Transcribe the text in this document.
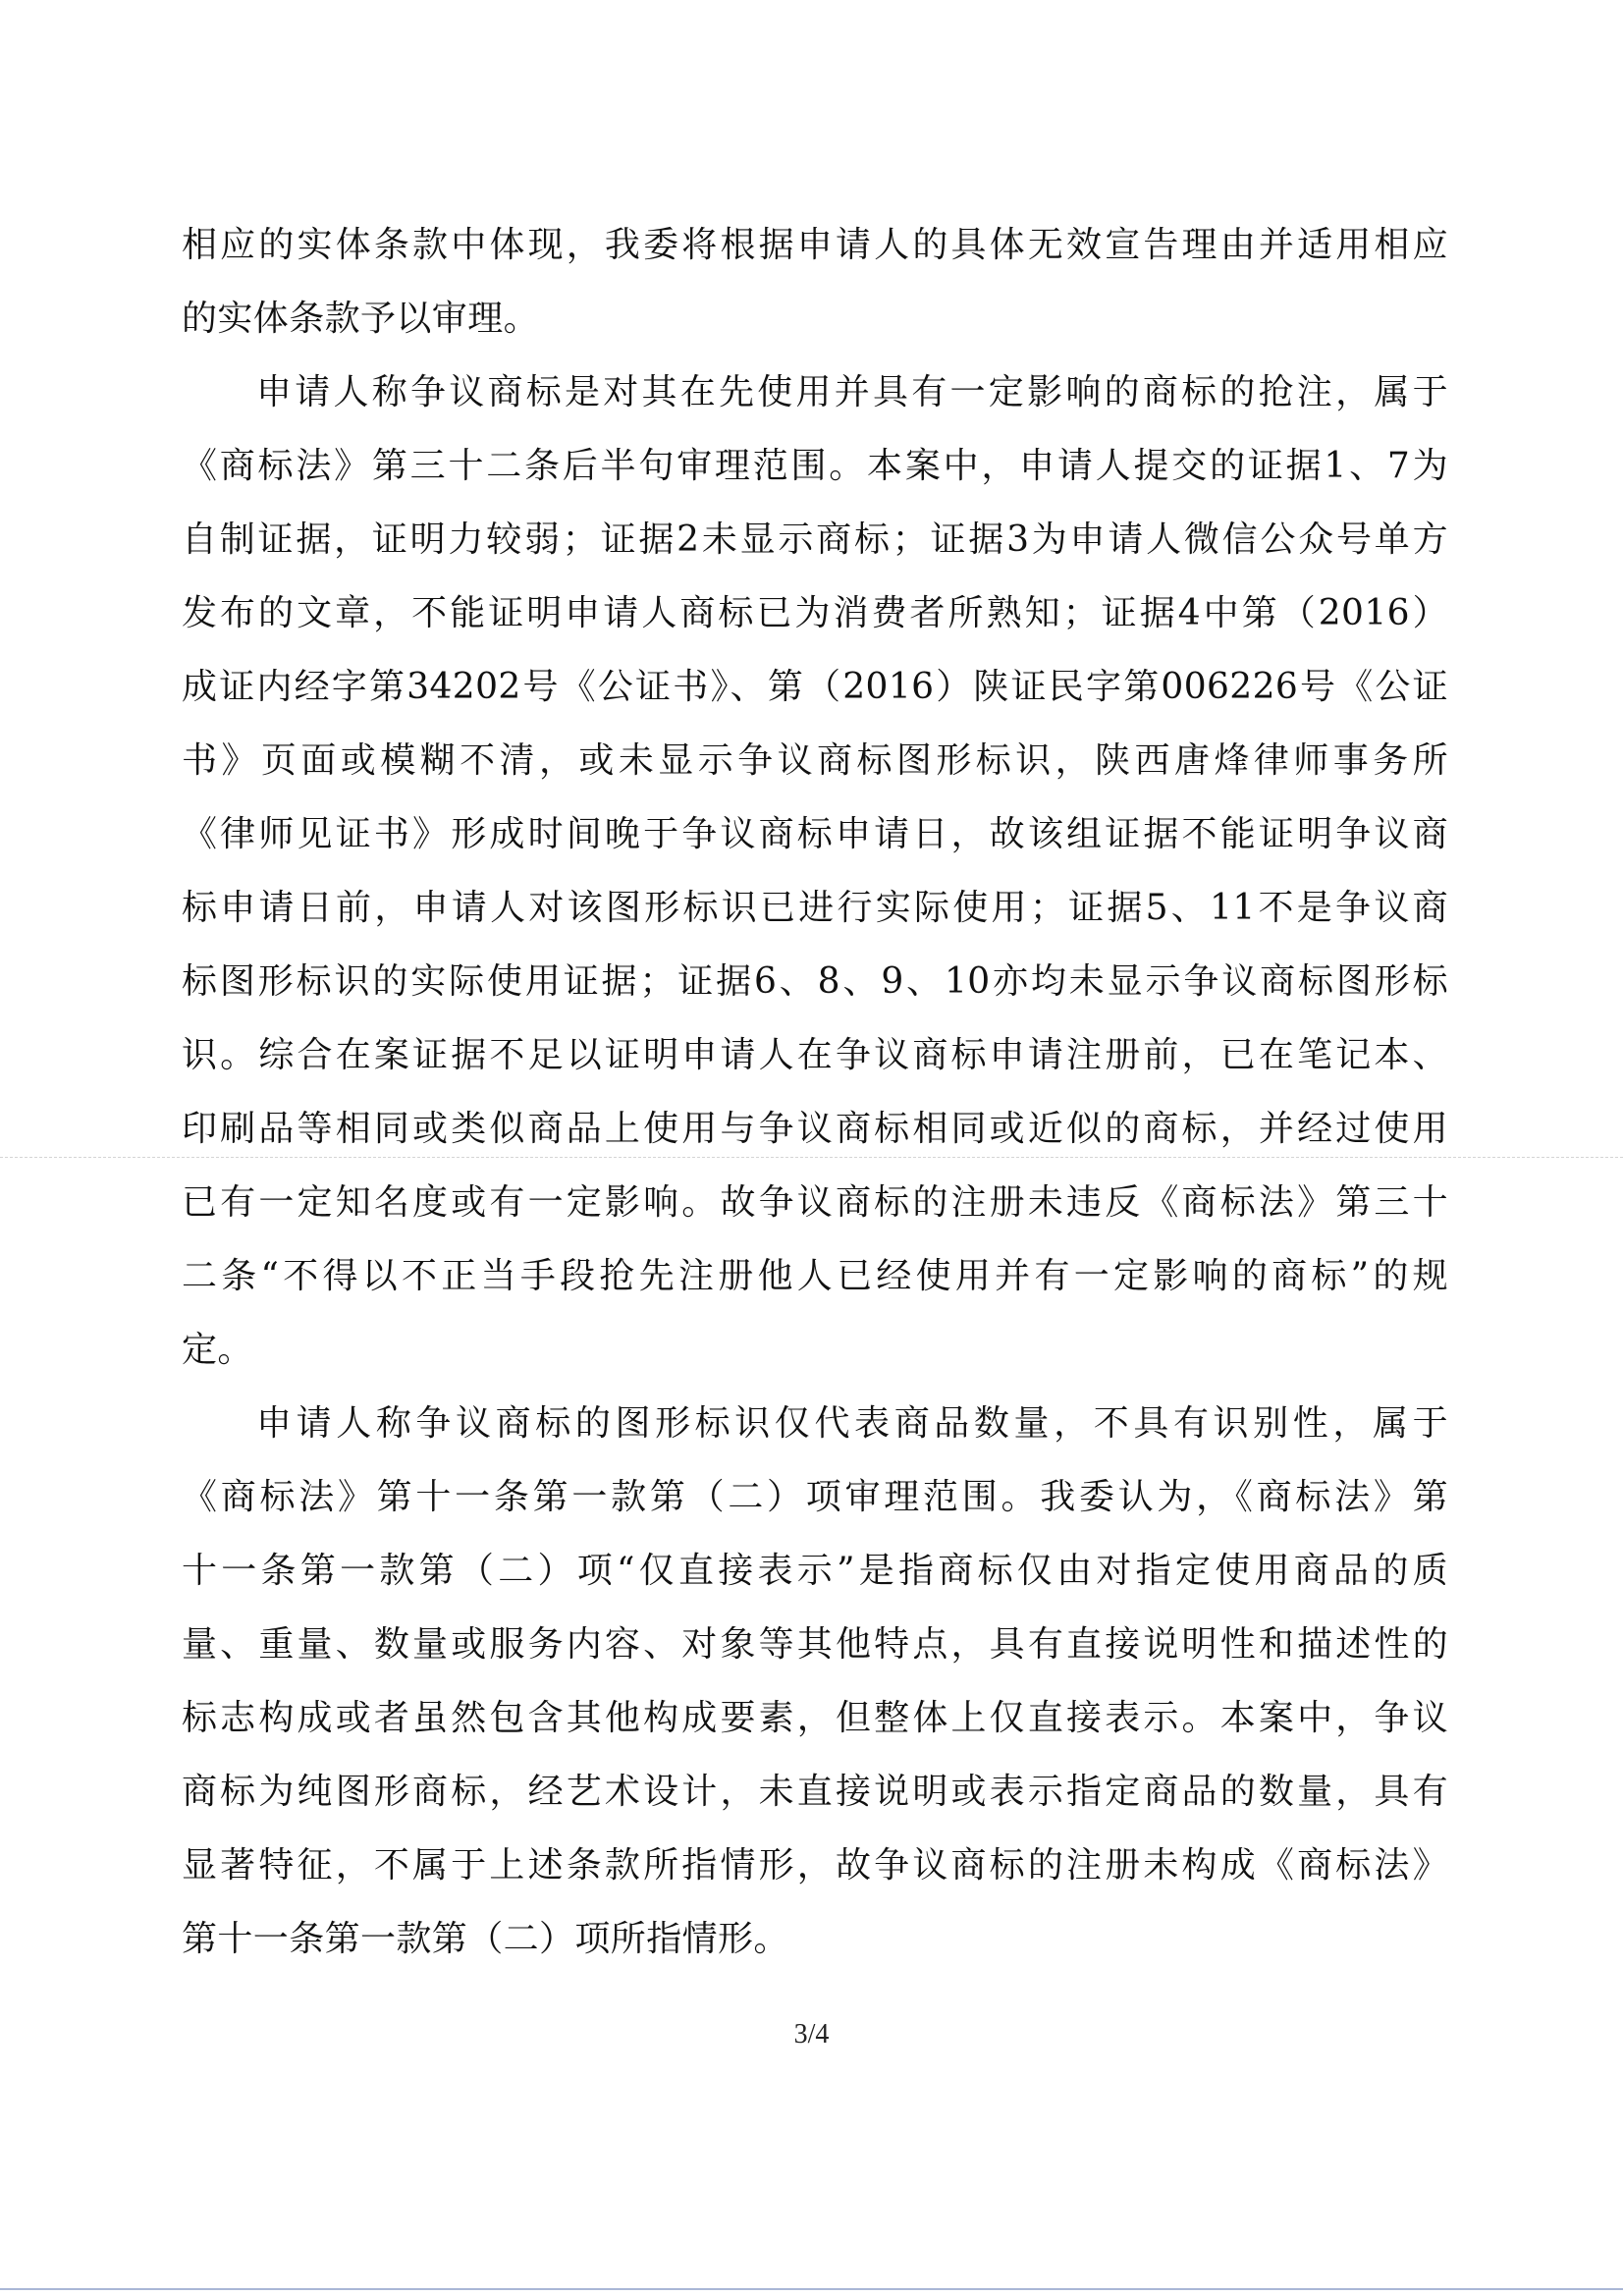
相应的实体条款中体现，我委将根据申请人的具体无效宣告理由并适用相应
的实体条款予以审理。
申请人称争议商标是对其在先使用并具有一定影响的商标的抢注，属于
《商标法》第三十二条后半句审理范围。本案中，申请人提交的证据1、7为
自制证据，证明力较弱；证据2未显示商标；证据3为申请人微信公众号单方
发布的文章，不能证明申请人商标已为消费者所熟知；证据4中第（2016）
成证内经字第34202号《公证书》、第（2016）陕证民字第006226号《公证
书》页面或模糊不清，或未显示争议商标图形标识，陕西唐烽律师事务所
《律师见证书》形成时间晚于争议商标申请日，故该组证据不能证明争议商
标申请日前，申请人对该图形标识已进行实际使用；证据5、11不是争议商
标图形标识的实际使用证据；证据6、8、9、10亦均未显示争议商标图形标
识。综合在案证据不足以证明申请人在争议商标申请注册前，已在笔记本、
印刷品等相同或类似商品上使用与争议商标相同或近似的商标，并经过使用
已有一定知名度或有一定影响。故争议商标的注册未违反《商标法》第三十
二条“不得以不正当手段抢先注册他人已经使用并有一定影响的商标”的规
定。
申请人称争议商标的图形标识仅代表商品数量，不具有识别性，属于
《商标法》第十一条第一款第（二）项审理范围。我委认为，《商标法》第
十一条第一款第（二）项“仅直接表示”是指商标仅由对指定使用商品的质
量、重量、数量或服务内容、对象等其他特点，具有直接说明性和描述性的
标志构成或者虽然包含其他构成要素，但整体上仅直接表示。本案中，争议
商标为纯图形商标，经艺术设计，未直接说明或表示指定商品的数量，具有
显著特征，不属于上述条款所指情形，故争议商标的注册未构成《商标法》
第十一条第一款第（二）项所指情形。
3/4
